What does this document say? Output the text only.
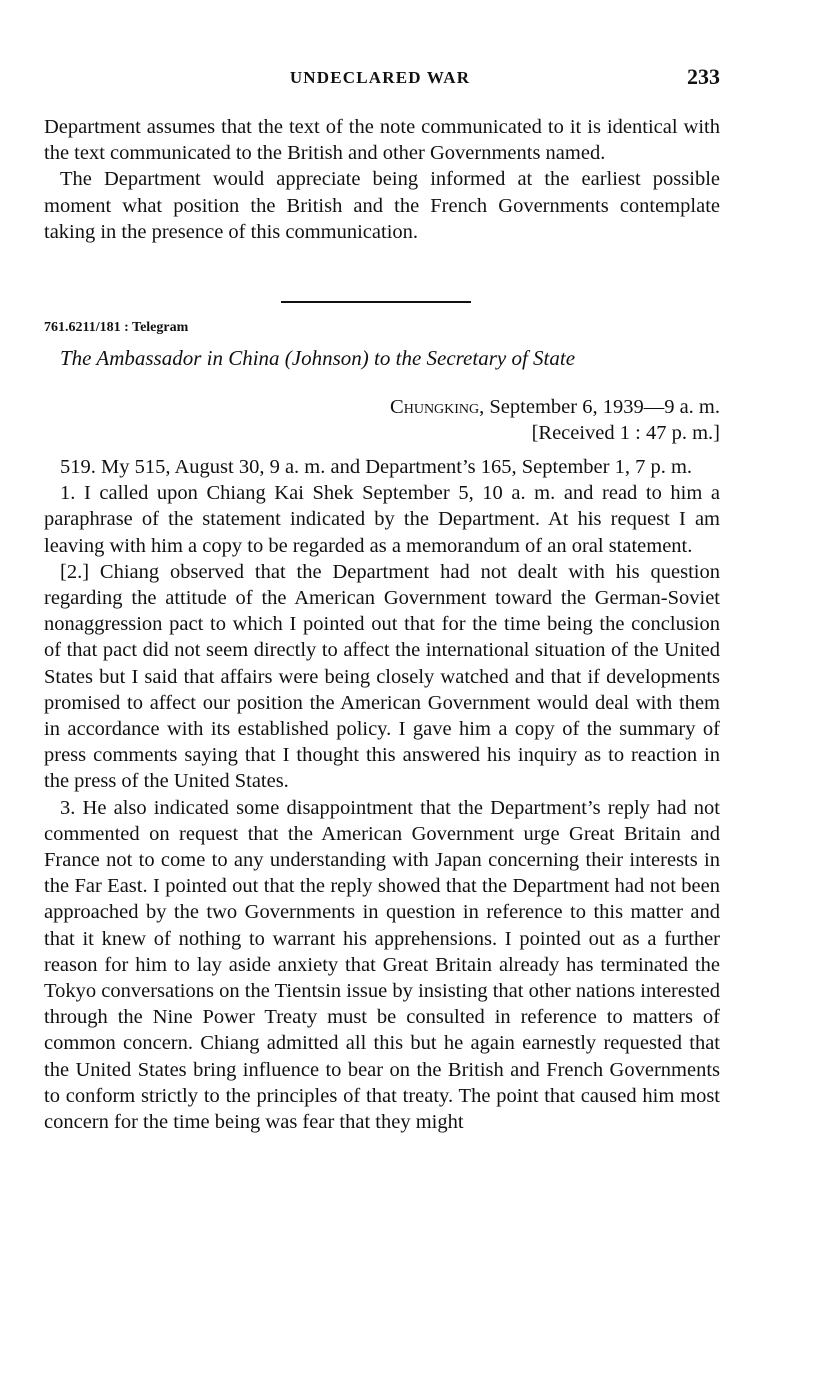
UNDECLARED WAR	233

Department assumes that the text of the note communicated to it is identical with the text communicated to the British and other Governments named.

The Department would appreciate being informed at the earliest possible moment what position the British and the French Governments contemplate taking in the presence of this communication.

761.6211/181 : Telegram
The Ambassador in China (Johnson) to the Secretary of State
Chungking, September 6, 1939—9 a. m.
[Received 1 : 47 p. m.]

519. My 515, August 30, 9 a. m. and Department’s 165, September 1, 7 p. m.

1. I called upon Chiang Kai Shek September 5, 10 a. m. and read to him a paraphrase of the statement indicated by the Department. At his request I am leaving with him a copy to be regarded as a memorandum of an oral statement.

[2.] Chiang observed that the Department had not dealt with his question regarding the attitude of the American Government toward the German-Soviet nonaggression pact to which I pointed out that for the time being the conclusion of that pact did not seem directly to affect the international situation of the United States but I said that affairs were being closely watched and that if developments promised to affect our position the American Government would deal with them in accordance with its established policy. I gave him a copy of the summary of press comments saying that I thought this answered his inquiry as to reaction in the press of the United States.

3. He also indicated some disappointment that the Department’s reply had not commented on request that the American Government urge Great Britain and France not to come to any understanding with Japan concerning their interests in the Far East. I pointed out that the reply showed that the Department had not been approached by the two Governments in question in reference to this matter and that it knew of nothing to warrant his apprehensions. I pointed out as a further reason for him to lay aside anxiety that Great Britain already has terminated the Tokyo conversations on the Tientsin issue by insisting that other nations interested through the Nine Power Treaty must be consulted in reference to matters of common concern. Chiang admitted all this but he again earnestly requested that the United States bring influence to bear on the British and French Governments to conform strictly to the principles of that treaty. The point that caused him most concern for the time being was fear that they might
